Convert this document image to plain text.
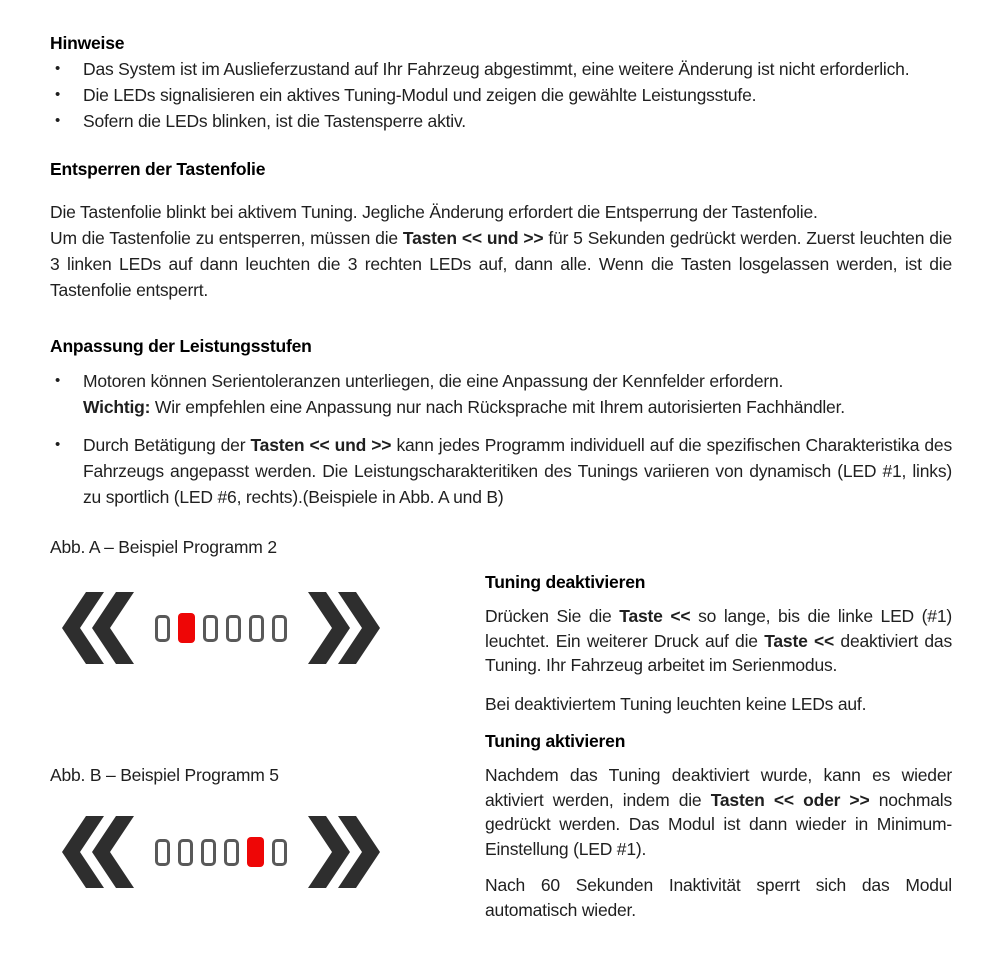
Hinweise
•	Das System ist im Auslieferzustand auf Ihr Fahrzeug abgestimmt, eine weitere Änderung ist nicht erforderlich.
•	Die LEDs signalisieren ein aktives Tuning-Modul und zeigen die gewählte Leistungsstufe.
•	Sofern die LEDs blinken, ist die Tastensperre aktiv.
Entsperren der Tastenfolie
Die Tastenfolie blinkt bei aktivem Tuning. Jegliche Änderung erfordert die Entsperrung der Tastenfolie.
Um die Tastenfolie zu entsperren, müssen die Tasten << und >> für 5 Sekunden gedrückt werden. Zuerst leuchten die 3 linken LEDs auf dann leuchten die 3 rechten LEDs auf, dann alle. Wenn die Tasten losgelassen werden, ist die Tastenfolie entsperrt.
Anpassung der Leistungsstufen
•	Motoren können Serientoleranzen unterliegen, die eine Anpassung der Kennfelder erfordern.
Wichtig: Wir empfehlen eine Anpassung nur nach Rücksprache mit Ihrem autorisierten Fachhändler.
•	Durch Betätigung der Tasten << und >> kann jedes Programm individuell auf die spezifischen Charakteristika des Fahrzeugs angepasst werden. Die Leistungscharakteritiken des Tunings variieren von dynamisch (LED #1, links) zu sportlich (LED #6, rechts).(Beispiele in Abb. A und B)
Abb. A – Beispiel Programm 2
Abb. B – Beispiel Programm 5
Tuning deaktivieren
Drücken Sie die Taste << so lange, bis die linke LED (#1) leuchtet. Ein weiterer Druck auf die Taste << deaktiviert das Tuning. Ihr Fahrzeug arbeitet im Serienmodus.
Bei deaktiviertem Tuning leuchten keine LEDs auf.
Tuning aktivieren
Nachdem das Tuning deaktiviert wurde, kann es wieder aktiviert werden, indem die Tasten << oder >> nochmals gedrückt werden. Das Modul ist dann wieder in Minimum-Einstellung (LED #1).
Nach 60 Sekunden Inaktivität sperrt sich das Modul automatisch wieder.
